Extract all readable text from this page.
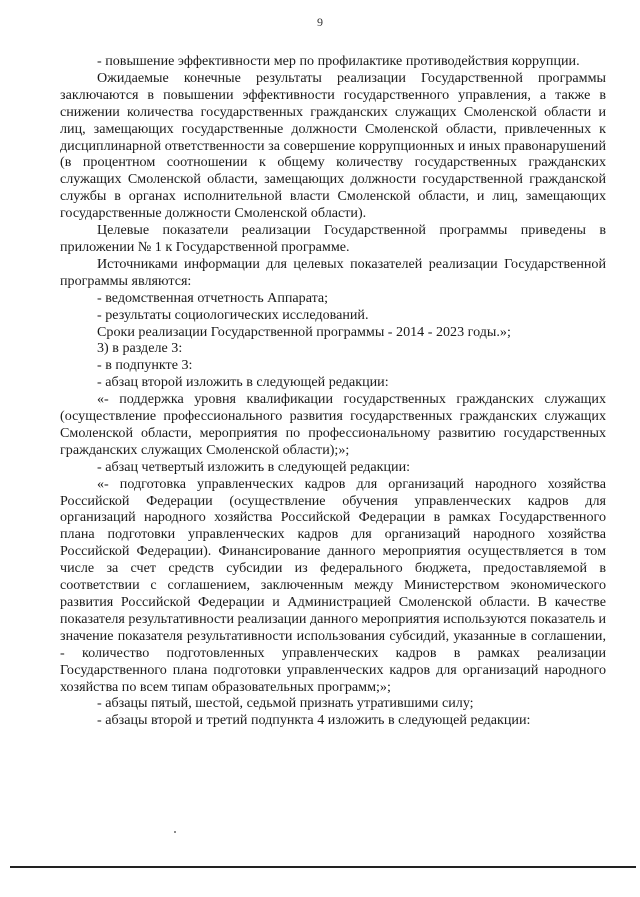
9

- повышение эффективности мер по профилактике противодействия коррупции.

Ожидаемые конечные результаты реализации Государственной программы заключаются в повышении эффективности государственного управления, а также в снижении количества государственных гражданских служащих Смоленской области и лиц, замещающих государственные должности Смоленской области, привлеченных к дисциплинарной ответственности за совершение коррупционных и иных правонарушений (в процентном соотношении к общему количеству государственных гражданских служащих Смоленской области, замещающих должности государственной гражданской службы в органах исполнительной власти Смоленской области, и лиц, замещающих государственные должности Смоленской области).

Целевые показатели реализации Государственной программы приведены в приложении № 1 к Государственной программе.

Источниками информации для целевых показателей реализации Государственной программы являются:

- ведомственная отчетность Аппарата;

- результаты социологических исследований.

Сроки реализации Государственной программы - 2014 - 2023 годы.»;

3) в разделе 3:

- в подпункте 3:

- абзац второй изложить в следующей редакции:

«- поддержка уровня квалификации государственных гражданских служащих (осуществление профессионального развития государственных гражданских служащих Смоленской области, мероприятия по профессиональному развитию государственных гражданских служащих Смоленской области);»;

- абзац четвертый изложить в следующей редакции:

«- подготовка управленческих кадров для организаций народного хозяйства Российской Федерации (осуществление обучения управленческих кадров для организаций народного хозяйства Российской Федерации в рамках Государственного плана подготовки управленческих кадров для организаций народного хозяйства Российской Федерации). Финансирование данного мероприятия осуществляется в том числе за счет средств субсидии из федерального бюджета, предоставляемой в соответствии с соглашением, заключенным между Министерством экономического развития Российской Федерации и Администрацией Смоленской области. В качестве показателя результативности реализации данного мероприятия используются показатель и значение показателя результативности использования субсидий, указанные в соглашении, - количество подготовленных управленческих кадров в рамках реализации Государственного плана подготовки управленческих кадров для организаций народного хозяйства по всем типам образовательных программ;»;

- абзацы пятый, шестой, седьмой признать утратившими силу;

- абзацы второй и третий подпункта 4 изложить в следующей редакции:
